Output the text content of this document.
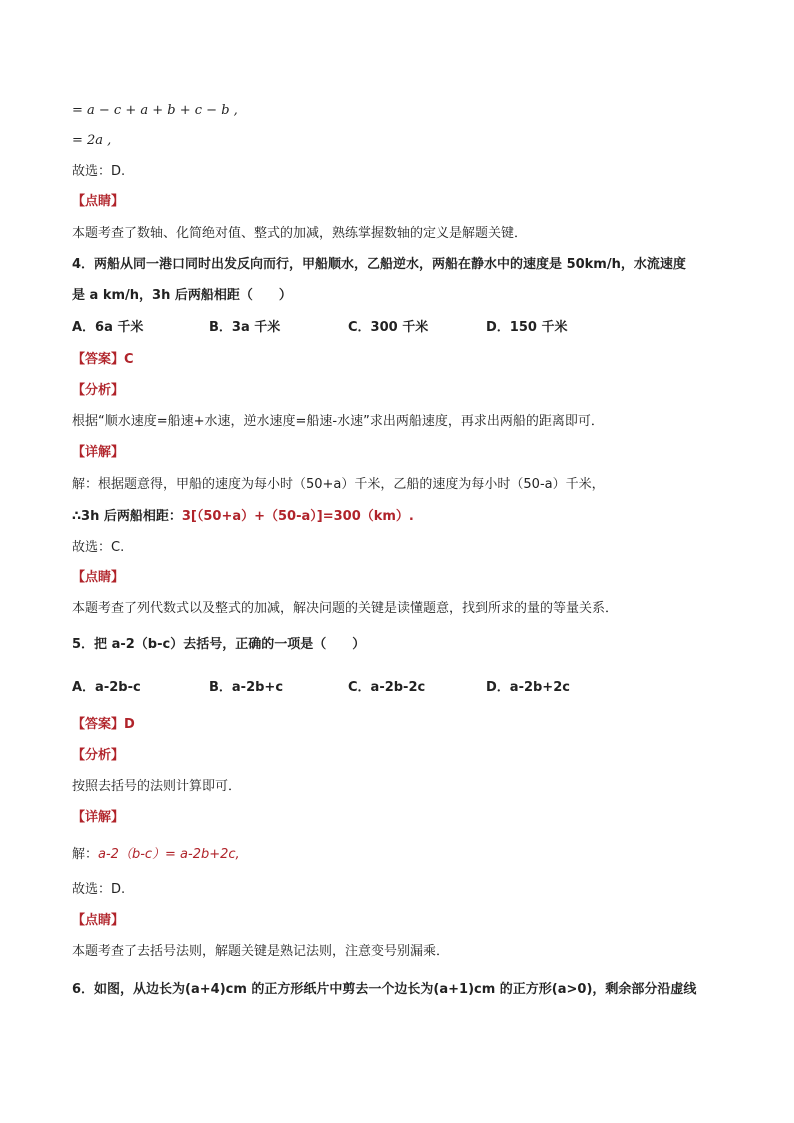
= a − c + a + b + c − b ,
= 2a ,
故选：D.
【点睛】
本题考查了数轴、化简绝对值、整式的加减，熟练掌握数轴的定义是解题关键．
4．两船从同一港口同时出发反向而行，甲船顺水，乙船逆水，两船在静水中的速度是 50km/h，水流速度
是 a km/h，3h 后两船相距（　　）
A．6a 千米	B．3a 千米	C．300 千米	D．150 千米
【答案】C
【分析】
根据“顺水速度=船速+水速，逆水速度=船速-水速”求出两船速度，再求出两船的距离即可．
【详解】
解：根据题意得，甲船的速度为每小时（50+a）千米，乙船的速度为每小时（50-a）千米，
∴3h 后两船相距：3[（50+a）+（50-a）]=300（km）.
故选：C.
【点睛】
本题考查了列代数式以及整式的加减，解决问题的关键是读懂题意，找到所求的量的等量关系．
5．把 a-2（b-c）去括号，正确的一项是（　　）
A．a-2b-c	B．a-2b+c	C．a-2b-2c	D．a-2b+2c
【答案】D
【分析】
按照去括号的法则计算即可．
【详解】
解：a-2（b-c）= a-2b+2c,
故选：D.
【点睛】
本题考查了去括号法则，解题关键是熟记法则，注意变号别漏乘．
6．如图，从边长为(a+4)cm 的正方形纸片中剪去一个边长为(a+1)cm 的正方形(a>0)，剩余部分沿虚线
